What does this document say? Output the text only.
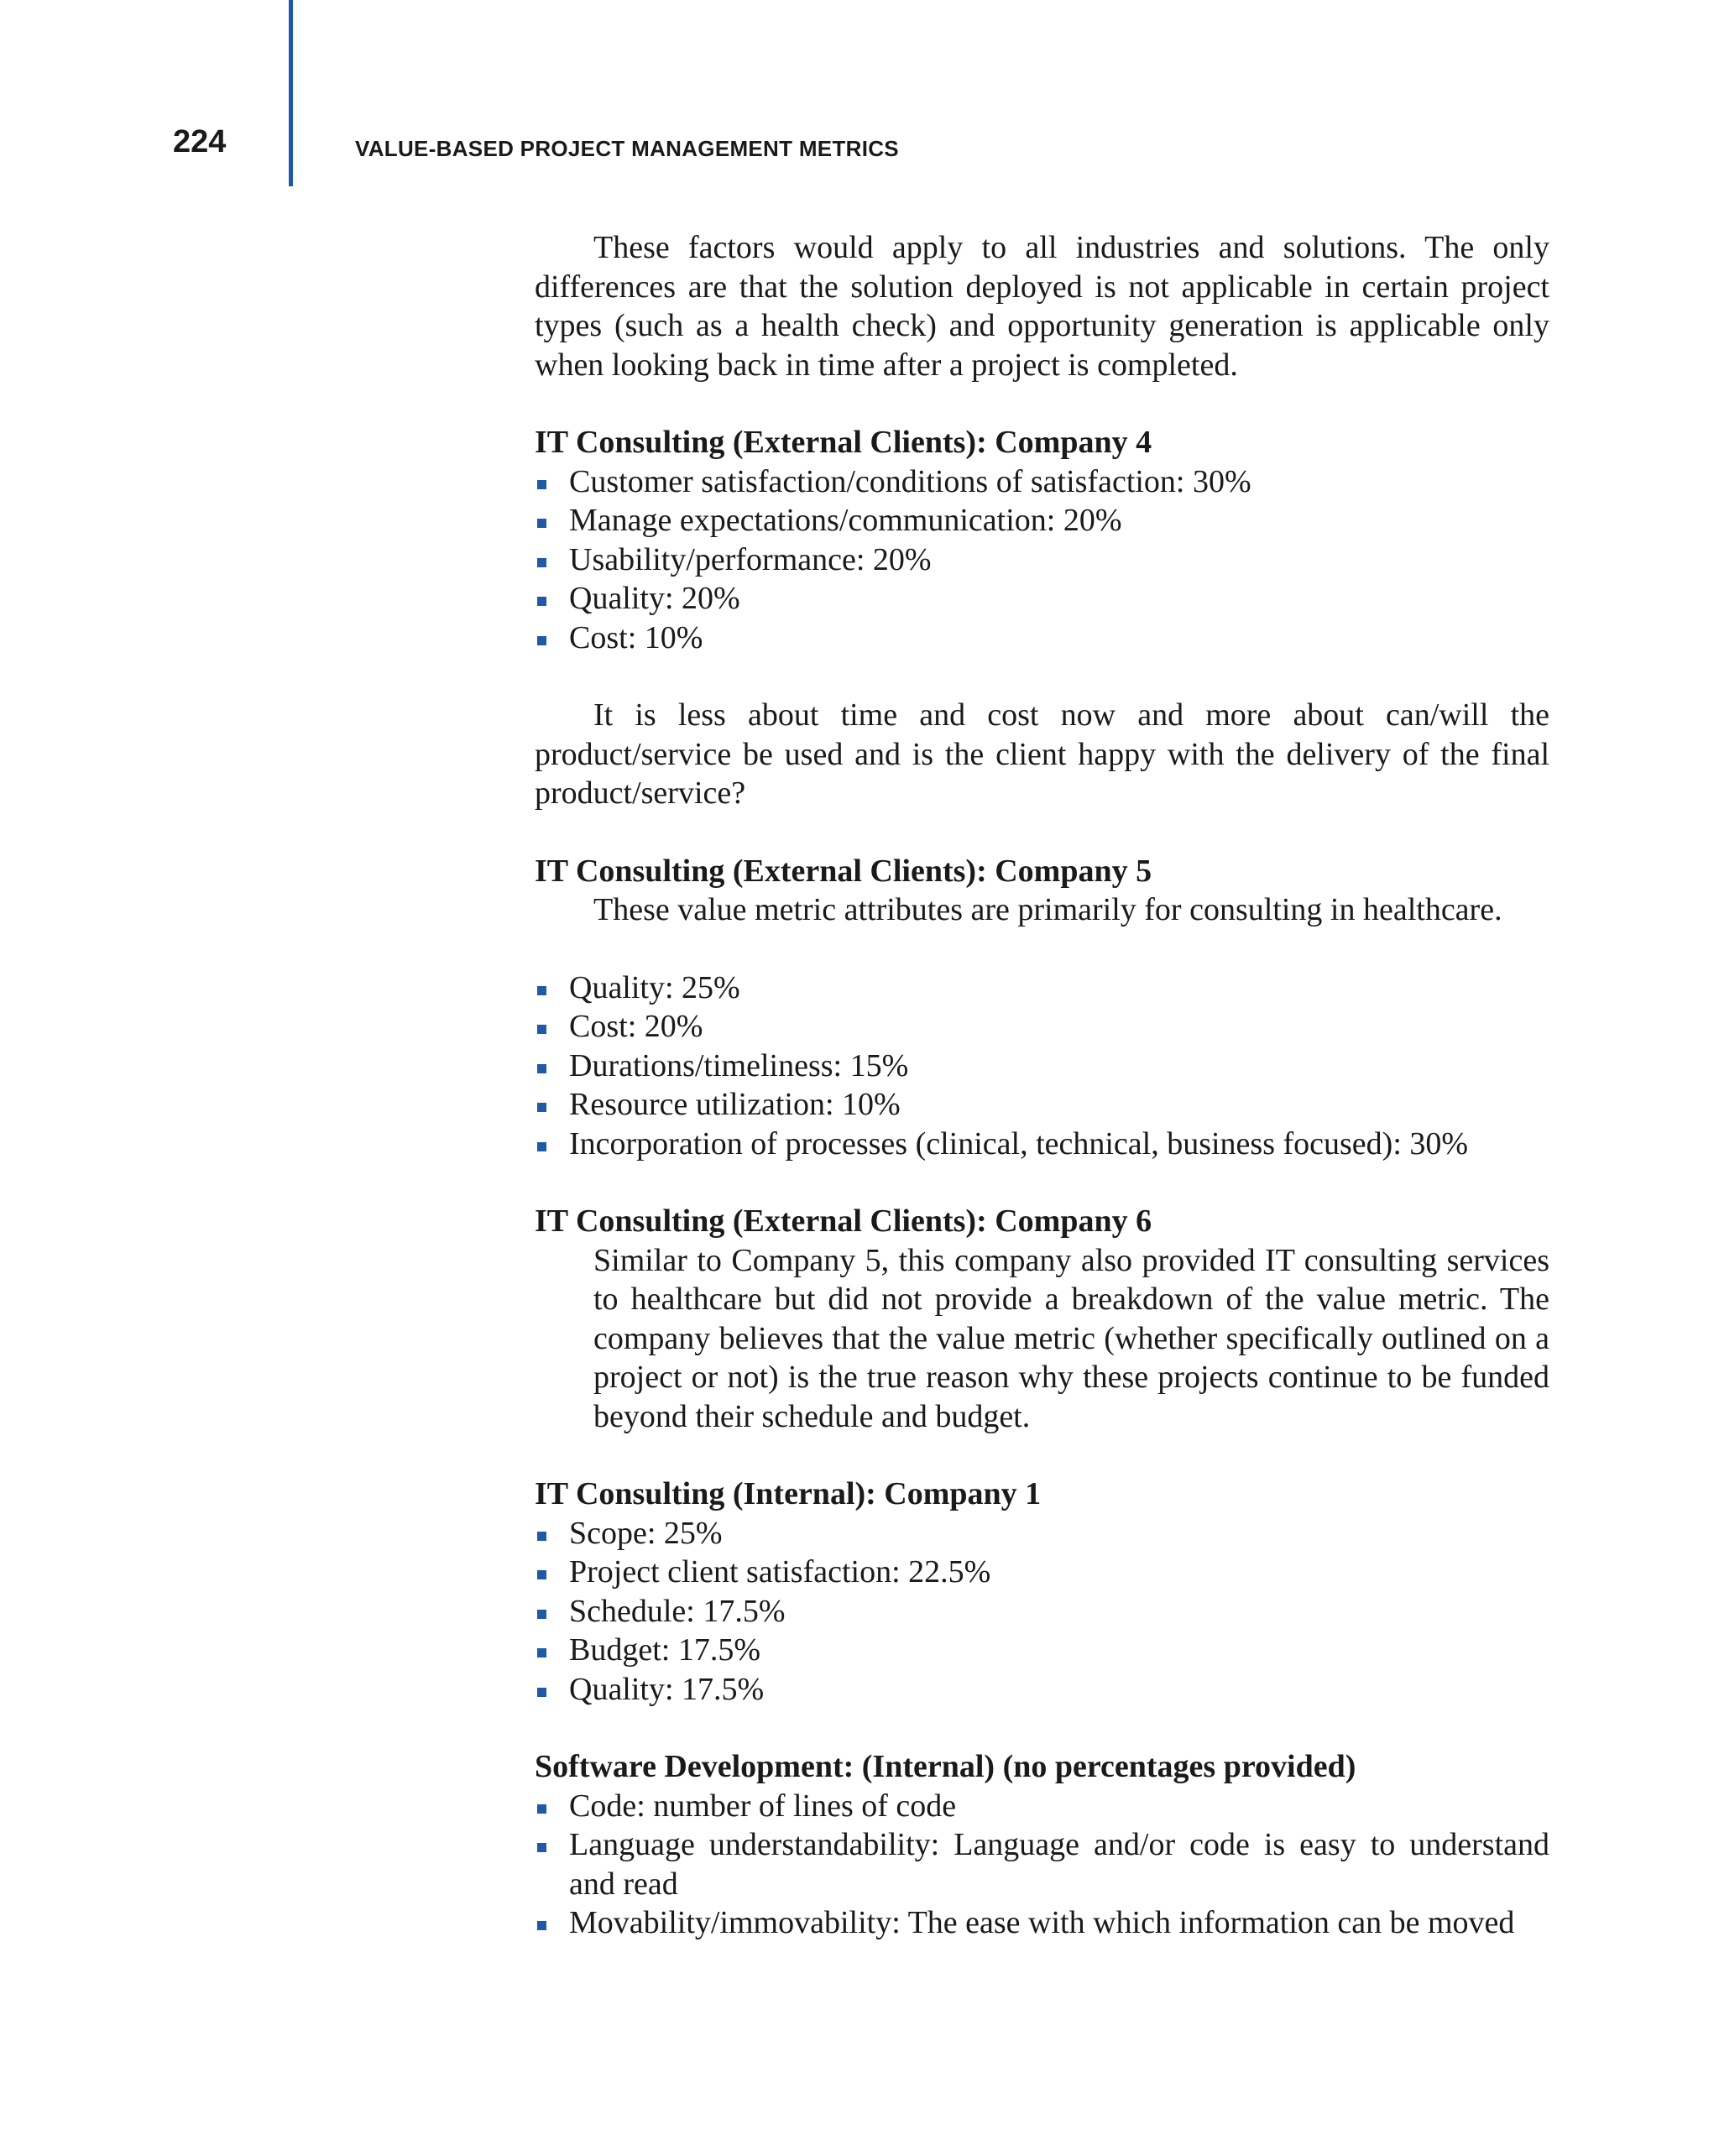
224	VALUE-BASED PROJECT MANAGEMENT METRICS

These factors would apply to all industries and solutions. The only differences are that the solution deployed is not applicable in certain project types (such as a health check) and opportunity generation is applicable only when looking back in time after a project is completed.

IT Consulting (External Clients): Company 4
Customer satisfaction/conditions of satisfaction: 30%
Manage expectations/communication: 20%
Usability/performance: 20%
Quality: 20%
Cost: 10%

It is less about time and cost now and more about can/will the product/service be used and is the client happy with the delivery of the final product/service?

IT Consulting (External Clients): Company 5

These value metric attributes are primarily for consulting in healthcare.

Quality: 25%
Cost: 20%
Durations/timeliness: 15%
Resource utilization: 10%
Incorporation of processes (clinical, technical, business focused): 30%
IT Consulting (External Clients): Company 6

Similar to Company 5, this company also provided IT consulting services to healthcare but did not provide a breakdown of the value metric. The company believes that the value metric (whether specifically outlined on a project or not) is the true reason why these projects continue to be funded beyond their schedule and budget.

IT Consulting (Internal): Company 1
Scope: 25%
Project client satisfaction: 22.5%
Schedule: 17.5%
Budget: 17.5%
Quality: 17.5%
Software Development: (Internal) (no percentages provided)
Code: number of lines of code
Language understandability: Language and/or code is easy to understand and read
Movability/immovability: The ease with which information can be moved
